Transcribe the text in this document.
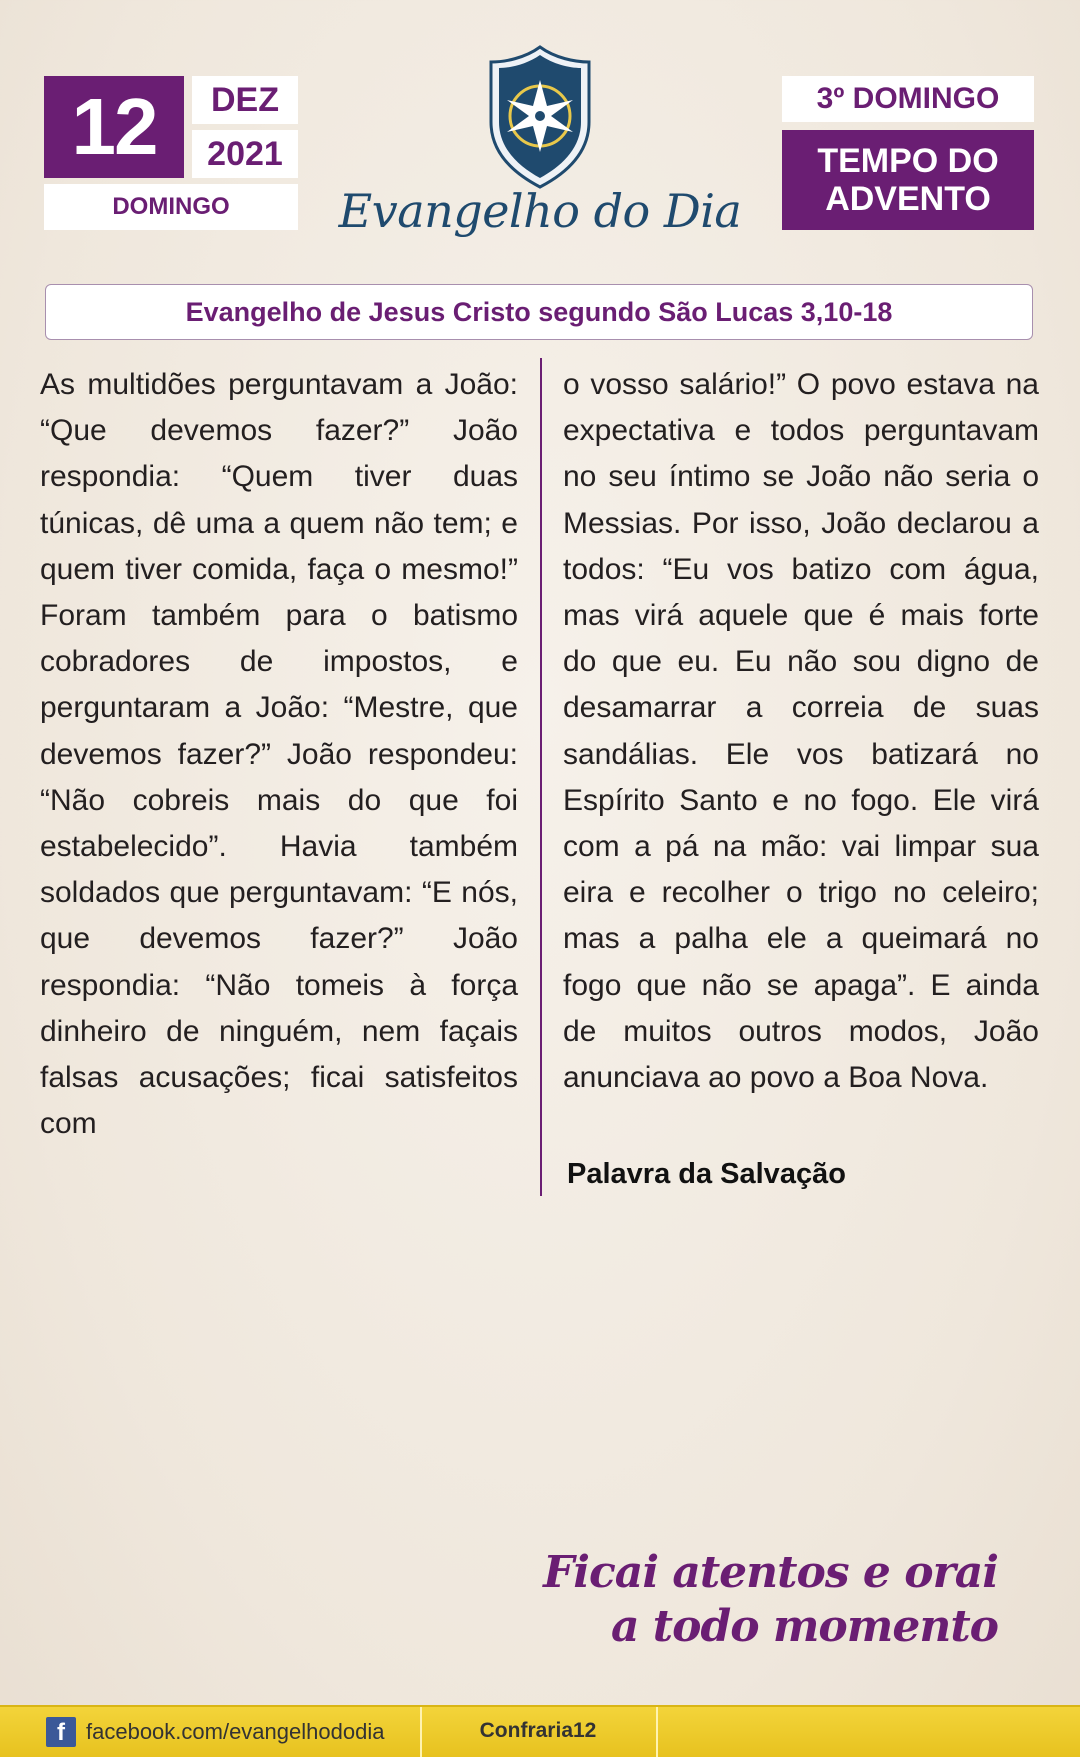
12	DEZ
2021
DOMINGO	Evangelho do Dia
3º DOMINGO
TEMPO DO
ADVENTO
Evangelho de Jesus Cristo segundo São Lucas 3,10-18
As multidões perguntavam a João: “Que devemos fazer?” João respondia: “Quem tiver duas túnicas, dê uma a quem não tem; e quem tiver comida, faça o mesmo!” Foram também para o batismo cobradores de impostos, e perguntaram a João: “Mestre, que devemos fazer?” João respondeu: “Não cobreis mais do que foi estabelecido”. Havia também soldados que perguntavam: “E nós, que devemos fazer?” João respondia: “Não tomeis à força dinheiro de ninguém, nem façais falsas acusações; ficai satisfeitos com
o vosso salário!” O povo estava na expectativa e todos perguntavam no seu íntimo se João não seria o Messias. Por isso, João declarou a todos: “Eu vos batizo com água, mas virá aquele que é mais forte do que eu. Eu não sou digno de desamarrar a correia de suas sandálias. Ele vos batizará no Espírito Santo e no fogo. Ele virá com a pá na mão: vai limpar sua eira e recolher o trigo no celeiro; mas a palha ele a queimará no fogo que não se apaga”. E ainda de muitos outros modos, João anunciava ao povo a Boa Nova.
Palavra da Salvação
Ficai atentos e orai
a todo momento
f facebook.com/evangelhododia	Confraria12
